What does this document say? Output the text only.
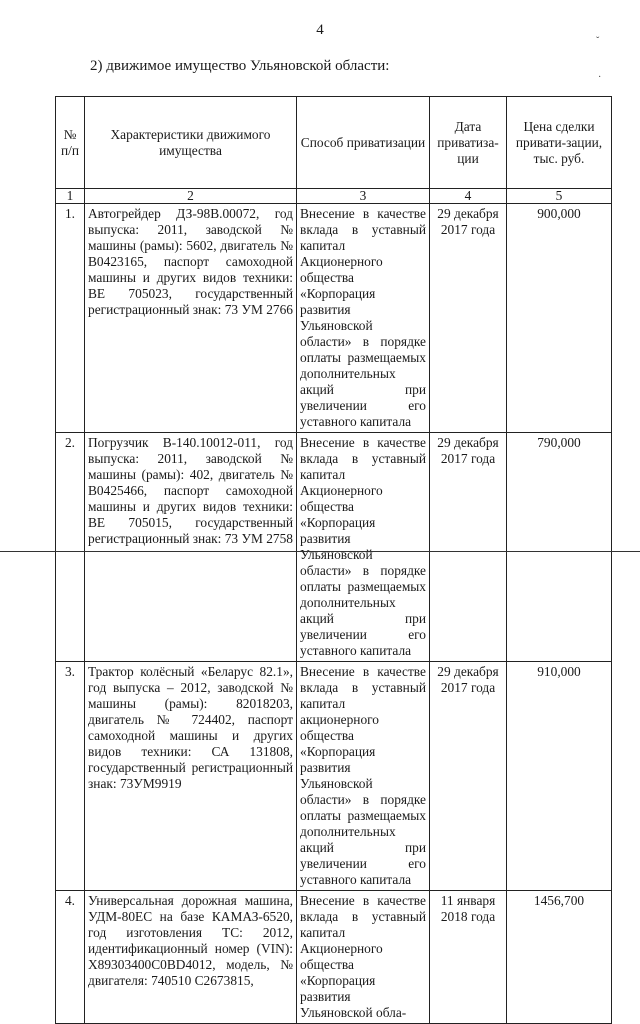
4
2) движимое имущество Ульяновской области:
ˇ
·
№ п/п	Характеристики движимого имущества	Способ приватизации	Дата приватиза-ции	Цена сделки привати-зации, тыс. руб.
1	2	3	4	5
1.	Автогрейдер ДЗ-98В.00072, год выпуска: 2011, заводской № машины (рамы): 5602, двигатель № В0423165, паспорт самоходной машины и других видов техники: ВЕ 705023, государственный регистрационный знак: 73 УМ 2766	Внесение в качестве вклада в уставный капитал Акционерного общества «Корпорация развития Ульяновской области» в порядке оплаты размещаемых дополнительных акций при увеличении его уставного капитала	29 декабря 2017 года	900,000
2.	Погрузчик В-140.10012-011, год выпуска: 2011, заводской № машины (рамы): 402, двигатель № В0425466, паспорт самоходной машины и других видов техники: ВЕ 705015, государственный регистрационный знак: 73 УМ 2758	Внесение в качестве вклада в уставный капитал Акционерного общества «Корпорация развития Ульяновской области» в порядке оплаты размещаемых дополнительных акций при увеличении его уставного капитала	29 декабря 2017 года	790,000
3.	Трактор колёсный «Беларус 82.1», год выпуска – 2012, заводской № машины (рамы): 82018203, двигатель № 724402, паспорт самоходной машины и других видов техники: СА 131808, государственный регистрационный знак: 73УМ9919	Внесение в качестве вклада в уставный капитал акционерного общества «Корпорация развития Ульяновской области» в порядке оплаты размещаемых дополнительных акций при увеличении его уставного капитала	29 декабря 2017 года	910,000
4.	Универсальная дорожная машина, УДМ-80ЕС на базе КАМАЗ-6520, год изготовления ТС: 2012, идентификационный номер (VIN): Х89303400С0BD4012, модель, № двигателя: 740510 С2673815,	Внесение в качестве вклада в уставный капитал Акционерного общества «Корпорация развития Ульяновской обла-	11 января 2018 года	1456,700
